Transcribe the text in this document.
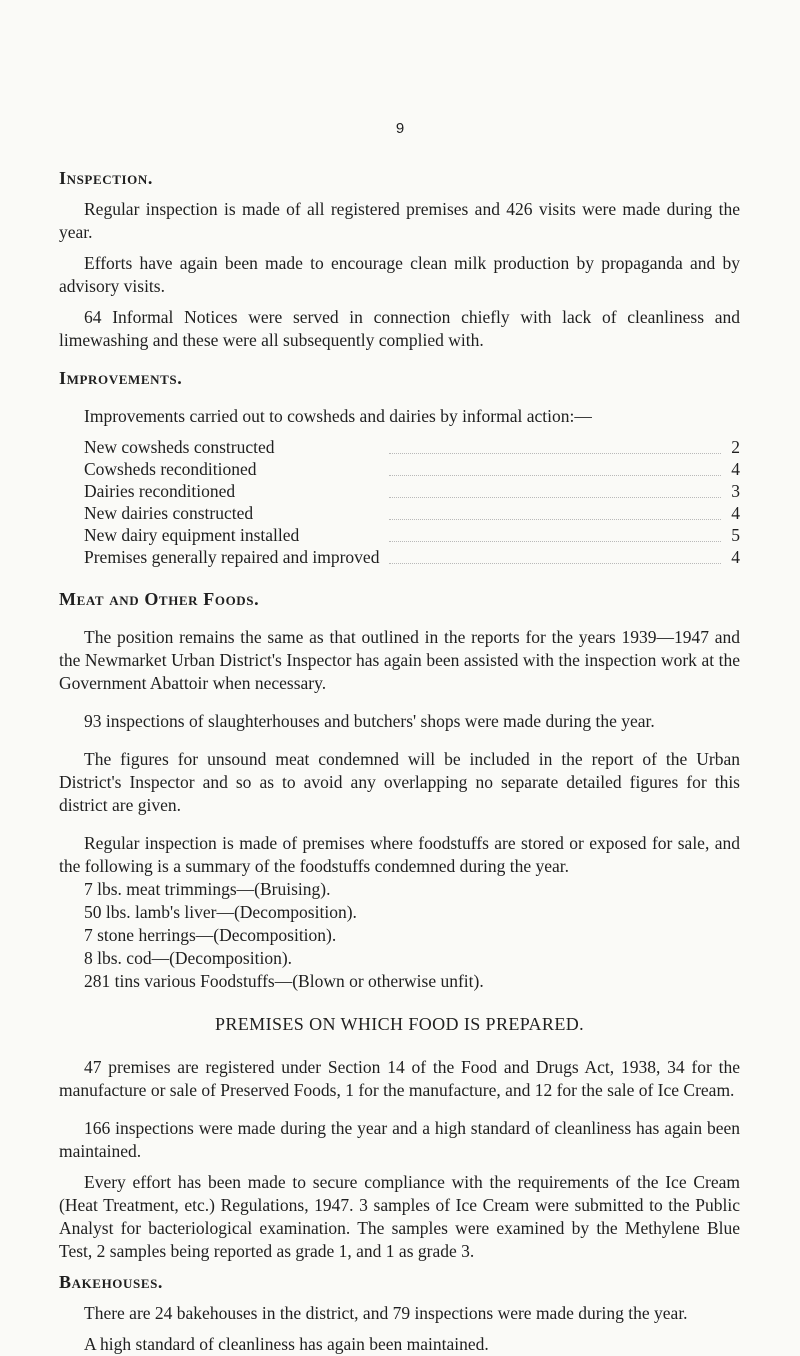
9
Inspection.

Regular inspection is made of all registered premises and 426 visits were made during the year.

Efforts have again been made to encourage clean milk production by propaganda and by advisory visits.

64 Informal Notices were served in connection chiefly with lack of cleanliness and limewashing and these were all subsequently complied with.

Improvements.

Improvements carried out to cowsheds and dairies by informal action:—

New cowsheds constructed		2
Cowsheds reconditioned		4
Dairies reconditioned		3
New dairies constructed		4
New dairy equipment installed		5
Premises generally repaired and improved		4
Meat and Other Foods.

The position remains the same as that outlined in the reports for the years 1939—1947 and the Newmarket Urban District's Inspector has again been assisted with the inspection work at the Government Abattoir when necessary.

93 inspections of slaughterhouses and butchers' shops were made during the year.

The figures for unsound meat condemned will be included in the report of the Urban District's Inspector and so as to avoid any overlapping no separate detailed figures for this district are given.

Regular inspection is made of premises where foodstuffs are stored or exposed for sale, and the following is a summary of the foodstuffs condemned during the year.

7 lbs. meat trimmings—(Bruising).
50 lbs. lamb's liver—(Decomposition).
7 stone herrings—(Decomposition).
8 lbs. cod—(Decomposition).
281 tins various Foodstuffs—(Blown or otherwise unfit).
PREMISES ON WHICH FOOD IS PREPARED.

47 premises are registered under Section 14 of the Food and Drugs Act, 1938, 34 for the manufacture or sale of Preserved Foods, 1 for the manufacture, and 12 for the sale of Ice Cream.

166 inspections were made during the year and a high standard of cleanliness has again been maintained.

Every effort has been made to secure compliance with the requirements of the Ice Cream (Heat Treatment, etc.) Regulations, 1947. 3 samples of Ice Cream were submitted to the Public Analyst for bacteriological examination. The samples were examined by the Methylene Blue Test, 2 samples being reported as grade 1, and 1 as grade 3.

Bakehouses.

There are 24 bakehouses in the district, and 79 inspections were made during the year.

A high standard of cleanliness has again been maintained.
